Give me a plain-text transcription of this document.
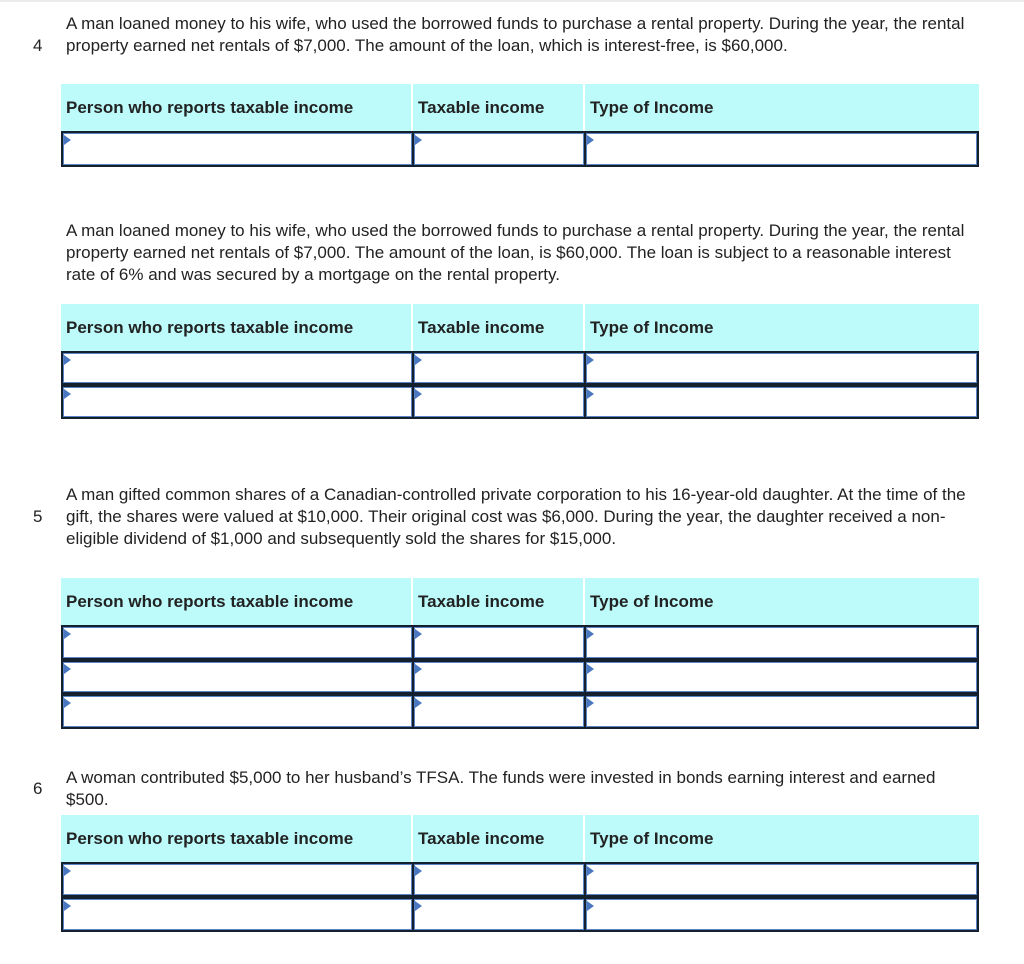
4

A man loaned money to his wife, who used the borrowed funds to purchase a rental property. During the year, the rental property earned net rentals of $7,000. The amount of the loan, which is interest-free, is $60,000.

Person who reports taxable income	Taxable income	Type of Income

A man loaned money to his wife, who used the borrowed funds to purchase a rental property. During the year, the rental property earned net rentals of $7,000. The amount of the loan, is $60,000. The loan is subject to a reasonable interest rate of 6% and was secured by a mortgage on the rental property.

Person who reports taxable income	Taxable income	Type of Income
5

A man gifted common shares of a Canadian-controlled private corporation to his 16-year-old daughter. At the time of the gift, the shares were valued at $10,000. Their original cost was $6,000. During the year, the daughter received a non-eligible dividend of $1,000 and subsequently sold the shares for $15,000.

Person who reports taxable income	Taxable income	Type of Income
6

A woman contributed $5,000 to her husband’s TFSA. The funds were invested in bonds earning interest and earned $500.

Person who reports taxable income	Taxable income	Type of Income
